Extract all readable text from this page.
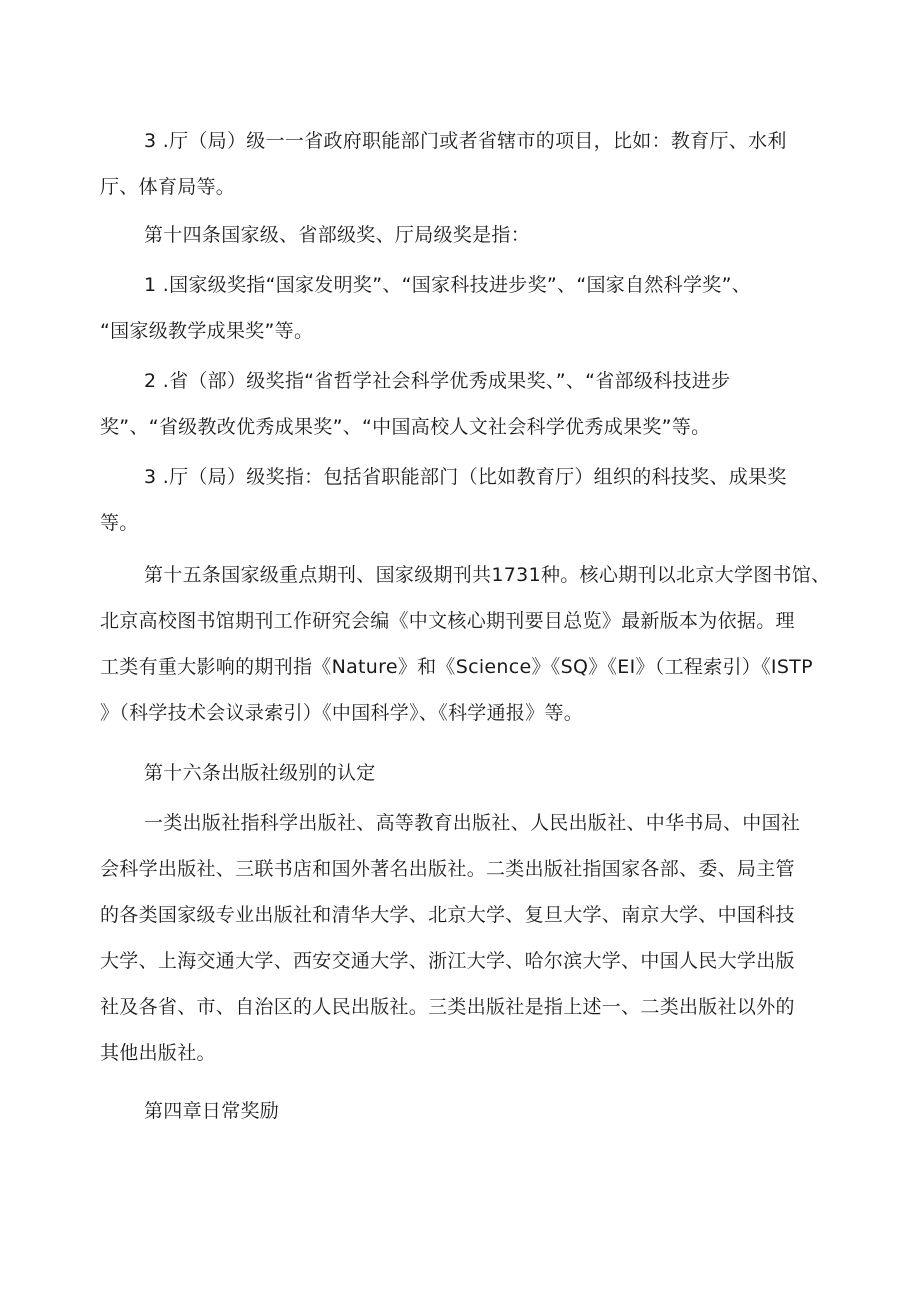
3 .厅（局）级一一省政府职能部门或者省辖市的项目，比如：教育厅、水利
厅、体育局等。

第十四条国家级、省部级奖、厅局级奖是指：

1 .国家级奖指“国家发明奖”、“国家科技进步奖”、“国家自然科学奖”、
“国家级教学成果奖”等。

2 .省（部）级奖指“省哲学社会科学优秀成果奖、”、“省部级科技进步
奖”、“省级教改优秀成果奖”、“中国高校人文社会科学优秀成果奖”等。

3 .厅（局）级奖指：包括省职能部门（比如教育厅）组织的科技奖、成果奖
等。

第十五条国家级重点期刊、国家级期刊共1731种。核心期刊以北京大学图书馆、
北京高校图书馆期刊工作研究会编《中文核心期刊要目总览》最新版本为依据。理
工类有重大影响的期刊指《Nature》和《Science》《SQ》《EI》（工程索引）《ISTP
》（科学技术会议录索引）《中国科学》、《科学通报》等。

第十六条出版社级别的认定

一类出版社指科学出版社、高等教育出版社、人民出版社、中华书局、中国社
会科学出版社、三联书店和国外著名出版社。二类出版社指国家各部、委、局主管
的各类国家级专业出版社和清华大学、北京大学、复旦大学、南京大学、中国科技
大学、上海交通大学、西安交通大学、浙江大学、哈尔滨大学、中国人民大学出版
社及各省、市、自治区的人民出版社。三类出版社是指上述一、二类出版社以外的
其他出版社。

第四章日常奖励
